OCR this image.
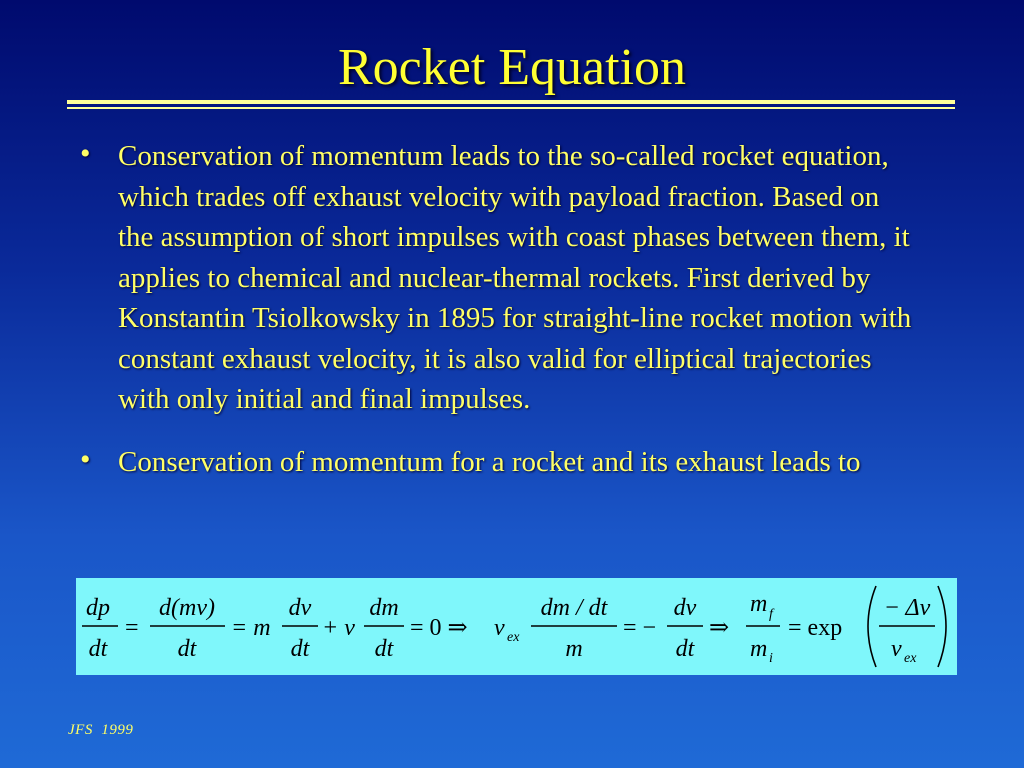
Rocket Equation
• Conservation of momentum leads to the so-called rocket equation, which trades off exhaust velocity with payload fraction. Based on the assumption of short impulses with coast phases between them, it applies to chemical and nuclear-thermal rockets. First derived by Konstantin Tsiolkowsky in 1895 for straight-line rocket motion with constant exhaust velocity, it is also valid for elliptical trajectories with only initial and final impulses.
• Conservation of momentum for a rocket and its exhaust leads to
dp
dt
=
d(mv)
dt
= m
dv
dt
+ v
dm
dt
= 0 ⇒ v ex
dm / dt
m
= −
dv
dt
⇒
m f
m i
= exp
− Δv
v ex
JFS  1999
